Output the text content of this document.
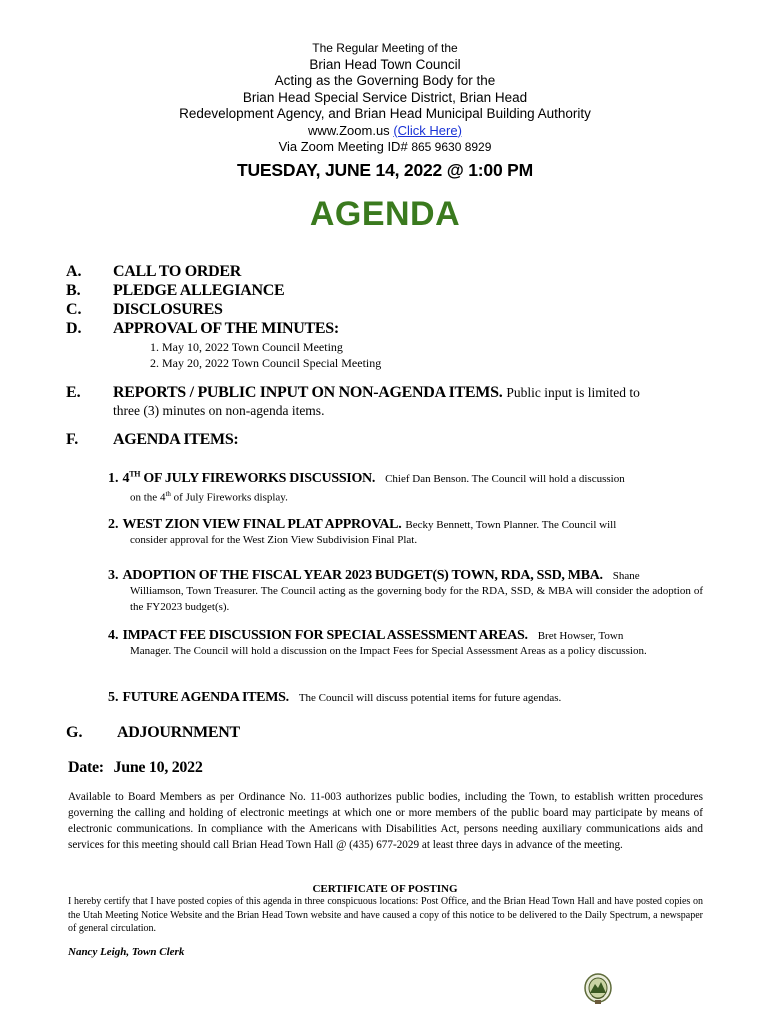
The Regular Meeting of the
Brian Head Town Council
Acting as the Governing Body for the
Brian Head Special Service District, Brian Head
Redevelopment Agency, and Brian Head Municipal Building Authority
www.Zoom.us (Click Here)
Via Zoom Meeting ID# 865 9630 8929
TUESDAY, JUNE 14, 2022 @ 1:00 PM
AGENDA
A. CALL TO ORDER
B. PLEDGE ALLEGIANCE
C. DISCLOSURES
D. APPROVAL OF THE MINUTES:
1. May 10, 2022 Town Council Meeting
2. May 20, 2022 Town Council Special Meeting
E. REPORTS / PUBLIC INPUT ON NON-AGENDA ITEMS. Public input is limited to
three (3) minutes on non-agenda items.
F. AGENDA ITEMS:
1. 4TH OF JULY FIREWORKS DISCUSSION. Chief Dan Benson. The Council will hold a discussion
on the 4th of July Fireworks display.
2. WEST ZION VIEW FINAL PLAT APPROVAL. Becky Bennett, Town Planner. The Council will
consider approval for the West Zion View Subdivision Final Plat.
3. ADOPTION OF THE FISCAL YEAR 2023 BUDGET(S) TOWN, RDA, SSD, MBA. Shane
Williamson, Town Treasurer. The Council acting as the governing body for the RDA, SSD, & MBA will consider the adoption of the FY2023 budget(s).
4. IMPACT FEE DISCUSSION FOR SPECIAL ASSESSMENT AREAS. Bret Howser, Town
Manager. The Council will hold a discussion on the Impact Fees for Special Assessment Areas as a policy discussion.
5. FUTURE AGENDA ITEMS. The Council will discuss potential items for future agendas.
G. ADJOURNMENT
Date: June 10, 2022
Available to Board Members as per Ordinance No. 11-003 authorizes public bodies, including the Town, to establish written procedures governing the calling and holding of electronic meetings at which one or more members of the public board may participate by means of electronic communications. In compliance with the Americans with Disabilities Act, persons needing auxiliary communications aids and services for this meeting should call Brian Head Town Hall @ (435) 677-2029 at least three days in advance of the meeting.
CERTIFICATE OF POSTING
I hereby certify that I have posted copies of this agenda in three conspicuous locations: Post Office, and the Brian Head Town Hall and have posted copies on the Utah Meeting Notice Website and the Brian Head Town website and have caused a copy of this notice to be delivered to the Daily Spectrum, a newspaper of general circulation.
Nancy Leigh, Town Clerk
